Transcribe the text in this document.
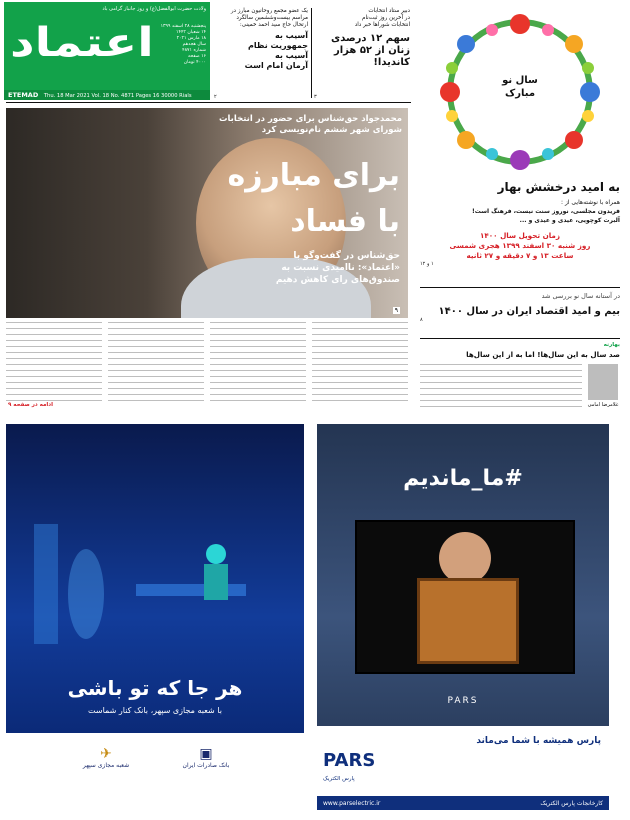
ولادت حضرت ابوالفضل(ع) و روز جانباز گرامی باد
اعتماد	پنجشنبه ۲۸ اسفند ۱۳۹۹
۱۴ شعبان ۱۴۴۲
۱۸ مارس ۲۰۲۱
سال هجدهم
شماره ۴۸۷۱
۱۶ صفحه
۴۰۰۰ تومان
ETEMAD Thu. 18 Mar 2021 Vol. 18 No. 4871 Pages 16 30000 Rials
یک عضو مجمع روحانیون مبارز در
مراسم بیست‌وششمین سالگرد
ارتحال حاج سید احمد خمینی:
آسیب به
جمهوریت نظام
آسیب به
آرمان امام است
۲
دبیر ستاد انتخابات
در آخرین روز ثبت‌نام
انتخابات شوراها خبر داد
سهم ۱۲ درصدی
زنان از ۵۲ هزار
کاندیدا!
۳
سال نو
مبارک
به امید درخشش بهار
همراه با نوشته‌هایی از :
فریدون مجلسی، نوروز سنت نیست، فرهنگ است!
آلبرت کوچویی، عیدی و عیدی و ...
زمان تحویل سال ۱۴۰۰
روز شنبه ۳۰ اسفند ۱۳۹۹ هجری شمسی
ساعت ۱۳ و ۷ دقیقه و ۲۷ ثانیه
۱ و ۱۲
در آستانه سال نو بررسی شد
بیم و امید اقتصاد ایران در سال ۱۴۰۰
۸
محمدجواد حق‌شناس برای حضور در انتخابات
شورای شهر ششم نام‌نویسی کرد
برای مبارزه
با فساد
حق‌شناس در گفت‌وگو با
«اعتماد»: ناامیدی نسبت به
صندوق‌های رای کاهش دهیم
۹
ادامه در صفحه ۹
بهارنه
صد سال به این سال‌ها! اما به از این سال‌ها
غلامرضا امامی
هر جا که تو باشی
با شعبه مجازی سپهر، بانک کنار شماست
✈
شعبه مجازی سپهر
▣
بانک صادرات ایران
#ما_ماندیم
PARS
پارس همیشه با شما می‌ماند
PARS
پارس الکتریک
www.parselectric.ir	کارخانجات پارس الکتریک
